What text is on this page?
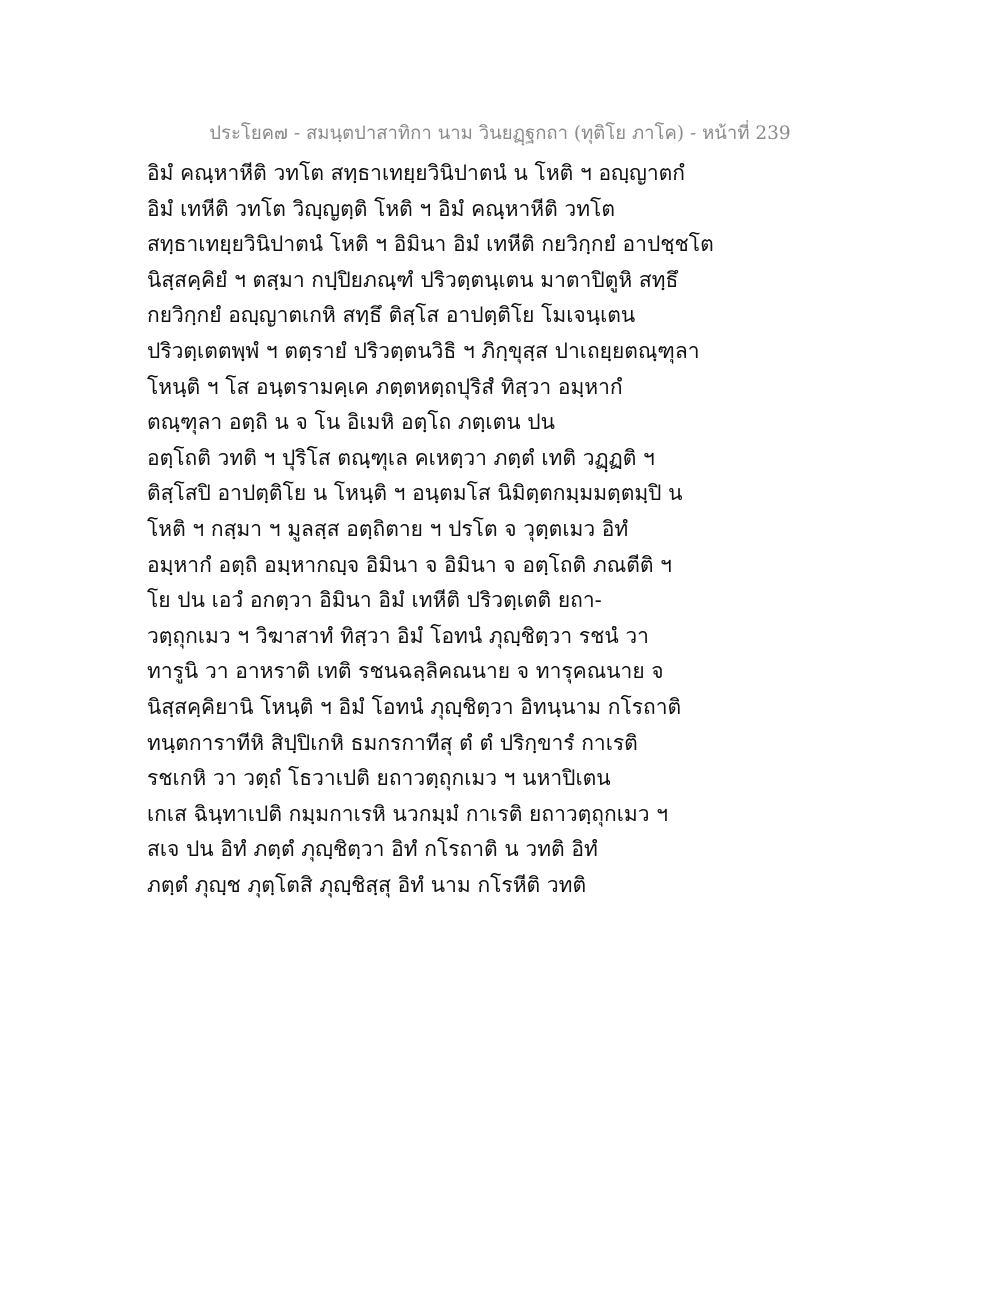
ประโยค๗ - สมนฺตปาสาทิกา นาม วินยฏฺฐกถา (ทุติโย ภาโค) - หน้าที่ 239
อิมํ คณฺหาหีติ วทโต สทฺธาเทยฺยวินิปาตนํ น โหติ ฯ อญฺญาตกํ
อิมํ เทหีติ วทโต วิญฺญตฺติ โหติ ฯ อิมํ คณฺหาหีติ วทโต
สทฺธาเทยฺยวินิปาตนํ โหติ ฯ อิมินา อิมํ เทหีติ กยวิกฺกยํ อาปชฺชโต
นิสฺสคฺคิยํ ฯ ตสฺมา กปฺปิยภณฺฑํ ปริวตฺตนฺเตน มาตาปิตูหิ สทฺธึ
กยวิกฺกยํ อญฺญาตเกหิ สทฺธึ ติสฺโส อาปตฺติโย โมเจนฺเตน
ปริวตฺเตตพฺพํ ฯ ตตฺรายํ ปริวตฺตนวิธิ ฯ ภิกฺขุสฺส ปาเถยฺยตณฺฑุลา
โหนฺติ ฯ โส อนฺตรามคฺเค ภตฺตหตฺถปุริสํ ทิสฺวา อมฺหากํ
ตณฺฑุลา อตฺถิ น จ โน อิเมหิ อตฺโถ ภตฺเตน ปน
อตฺโถติ วทติ ฯ ปุริโส ตณฺฑุเล คเหตฺวา ภตฺตํ เทติ วฏฺฏติ ฯ
ติสฺโสปิ อาปตฺติโย น โหนฺติ ฯ อนฺตมโส นิมิตฺตกมฺมมตฺตมฺปิ น
โหติ ฯ กสฺมา ฯ มูลสฺส อตฺถิตาย ฯ ปรโต จ วุตฺตเมว อิทํ
อมฺหากํ อตฺถิ อมฺหากญฺจ อิมินา จ อิมินา จ อตฺโถติ ภณตีติ ฯ
โย ปน เอวํ อกตฺวา อิมินา อิมํ เทหีติ ปริวตฺเตติ ยถา-
วตฺถุกเมว ฯ วิฆาสาทํ ทิสฺวา อิมํ โอทนํ ภุญฺชิตฺวา รชนํ วา
ทารูนิ วา อาหราติ เทติ รชนฉลฺลิคณนาย จ ทารุคณนาย จ
นิสฺสคฺคิยานิ โหนฺติ ฯ อิมํ โอทนํ ภุญฺชิตฺวา อิทนฺนาม กโรถาติ
ทนฺตการาทีหิ สิปฺปิเกหิ ธมกรกาทีสุ ตํ ตํ ปริกฺขารํ กาเรติ
รชเกหิ วา วตฺถํ โธวาเปติ ยถาวตฺถุกเมว ฯ นหาปิเตน
เกเส ฉินฺทาเปติ กมฺมกาเรหิ นวกมฺมํ กาเรติ ยถาวตฺถุกเมว ฯ
สเจ ปน อิทํ ภตฺตํ ภุญฺชิตฺวา อิทํ กโรถาติ น วทติ อิทํ
ภตฺตํ ภุญฺช ภุตฺโตสิ ภุญฺชิสฺสุ อิทํ นาม กโรหีติ วทติ
